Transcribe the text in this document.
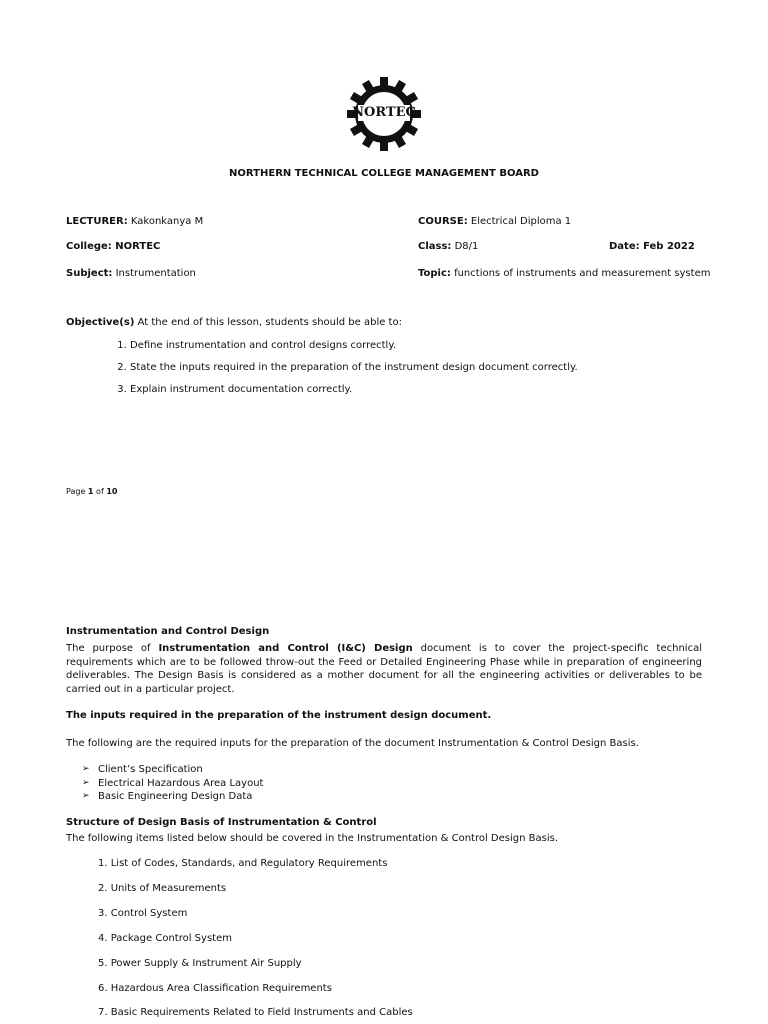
NORTEC
NORTHERN TECHNICAL COLLEGE MANAGEMENT BOARD
LECTURER: Kakonkanya M	COURSE: Electrical Diploma 1
College: NORTEC	Class: D8/1	Date: Feb 2022
Subject: Instrumentation	Topic: functions of instruments and measurement system
Objective(s) At the end of this lesson, students should be able to:
1. Define instrumentation and control designs correctly.
2. State the inputs required in the preparation of the instrument design document correctly.
3. Explain instrument documentation correctly.
Page 1 of 10
Instrumentation and Control Design
The purpose of Instrumentation and Control (I&C) Design document is to cover the project-specific technical requirements which are to be followed throw-out the Feed or Detailed Engineering Phase while in preparation of engineering deliverables. The Design Basis is considered as a mother document for all the engineering activities or deliverables to be carried out in a particular project.
The inputs required in the preparation of the instrument design document.
The following are the required inputs for the preparation of the document Instrumentation & Control Design Basis.
➢ Client’s Specification
➢ Electrical Hazardous Area Layout
➢ Basic Engineering Design Data
Structure of Design Basis of Instrumentation & Control
The following items listed below should be covered in the Instrumentation & Control Design Basis.
1. List of Codes, Standards, and Regulatory Requirements
2. Units of Measurements
3. Control System
4. Package Control System
5. Power Supply & Instrument Air Supply
6. Hazardous Area Classification Requirements
7. Basic Requirements Related to Field Instruments and Cables
